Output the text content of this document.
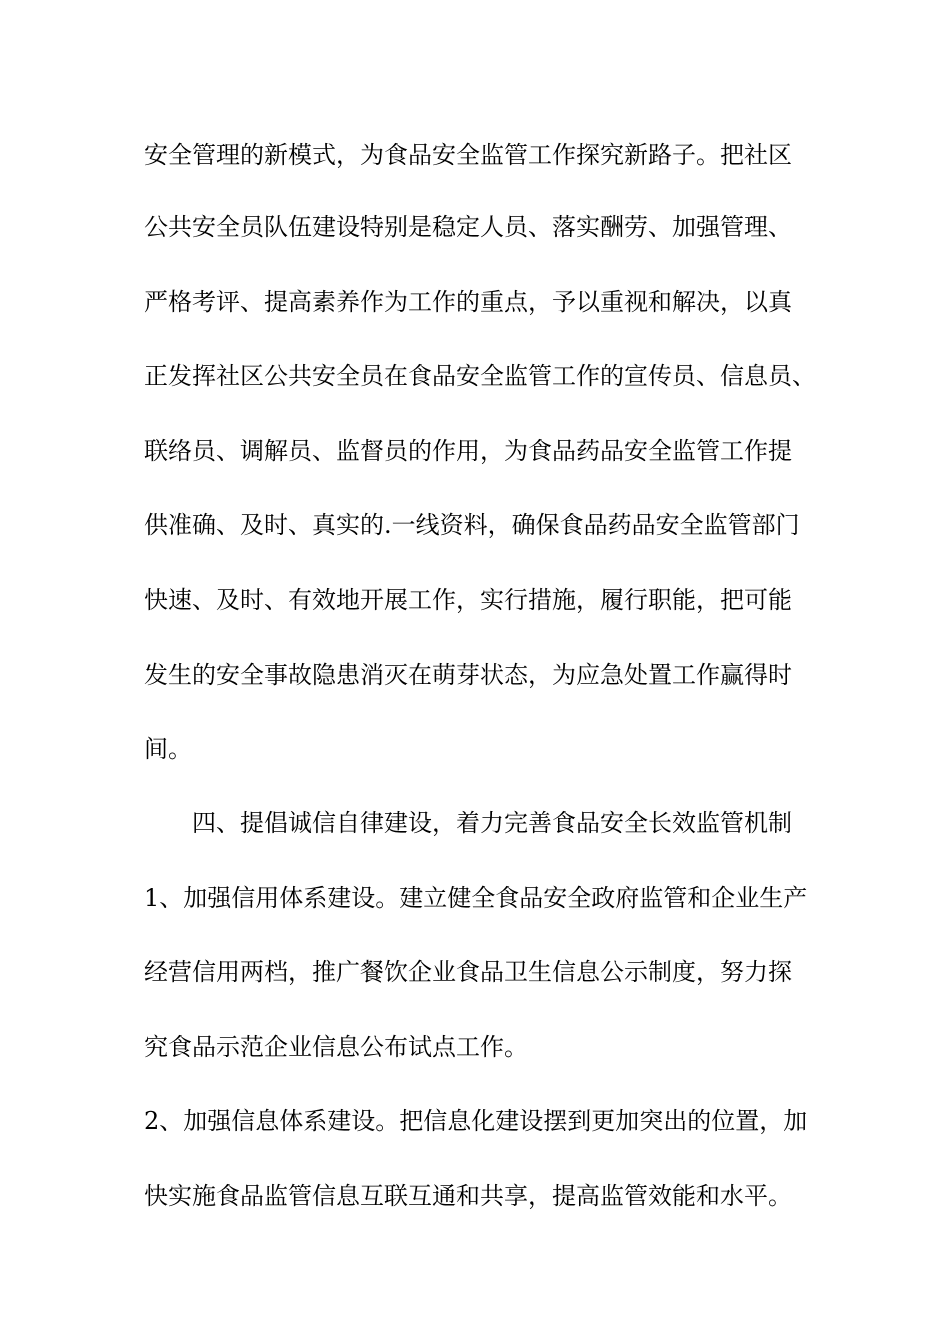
安全管理的新模式，为食品安全监管工作探究新路子。把社区
公共安全员队伍建设特别是稳定人员、落实酬劳、加强管理、
严格考评、提高素养作为工作的重点，予以重视和解决，以真
正发挥社区公共安全员在食品安全监管工作的宣传员、信息员、
联络员、调解员、监督员的作用，为食品药品安全监管工作提
供准确、及时、真实的.一线资料，确保食品药品安全监管部门
快速、及时、有效地开展工作，实行措施，履行职能，把可能
发生的安全事故隐患消灭在萌芽状态，为应急处置工作赢得时
间。
四、提倡诚信自律建设，着力完善食品安全长效监管机制
1、加强信用体系建设。建立健全食品安全政府监管和企业生产
经营信用两档，推广餐饮企业食品卫生信息公示制度，努力探
究食品示范企业信息公布试点工作。
2、加强信息体系建设。把信息化建设摆到更加突出的位置，加
快实施食品监管信息互联互通和共享，提高监管效能和水平。
